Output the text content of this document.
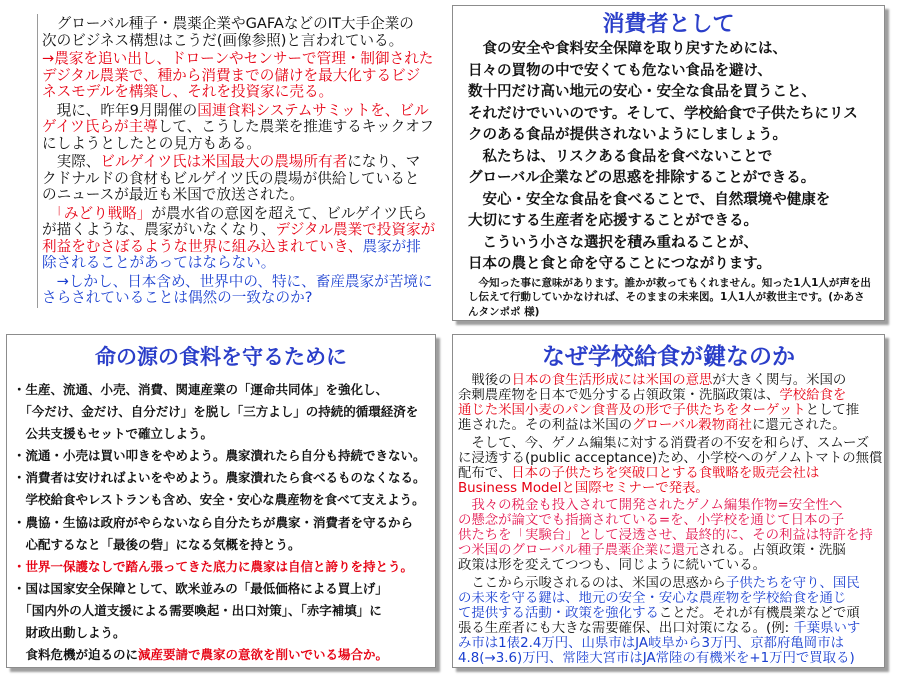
　グローバル種子・農薬企業やGAFAなどのIT大手企業の
次のビジネス構想はこうだ(画像参照)と言われている。
→農家を追い出し、ドローンやセンサーで管理・制御された
デジタル農業で、種から消費までの儲けを最大化するビジ
ネスモデルを構築し、それを投資家に売る。
　現に、昨年9月開催の国連食料システムサミットを、ビル
ゲイツ氏らが主導して、こうした農業を推進するキックオフ
にしようとしたとの見方もある。
　実際、ビルゲイツ氏は米国最大の農場所有者になり、マ
クドナルドの食材もビルゲイツ氏の農場が供給していると
のニュースが最近も米国で放送された。
　「みどり戦略」が農水省の意図を超えて、ビルゲイツ氏ら
が描くような、農家がいなくなり、デジタル農業で投資家が
利益をむさぼるような世界に組み込まれていき、農家が排
除されることがあってはならない。
　→しかし、日本含め、世界中の、特に、畜産農家が苦境に
さらされていることは偶然の一致なのか?
消費者として
　食の安全や食料安全保障を取り戻すためには、
日々の買物の中で安くても危ない食品を避け、
数十円だけ高い地元の安心・安全な食品を買うこと、
それだけでいいのです。そして、学校給食で子供たちにリス
クのある食品が提供されないようにしましょう。
　私たちは、リスクある食品を食べないことで
グローバル企業などの思惑を排除することができる。
　安心・安全な食品を食べることで、自然環境や健康を
大切にする生産者を応援することができる。
　こういう小さな選択を積み重ねることが、
日本の農と食と命を守ることにつながります。
　今知った事に意味があります。誰かが救ってもくれません。知った1人1人が声を出
し伝えて行動していかなければ、そのままの未来図。1人1人が救世主です。(かあさ
んタンポポ 様)
命の源の食料を守るために
・生産、流通、小売、消費、関連産業の「運命共同体」を強化し、
　「今だけ、金だけ、自分だけ」を脱し「三方よし」の持続的循環経済を
　公共支援もセットで確立しよう。
・流通・小売は買い叩きをやめよう。農家潰れたら自分も持続できない。
・消費者は安ければよいをやめよう。農家潰れたら食べるものなくなる。
　学校給食やレストランも含め、安全・安心な農産物を食べて支えよう。
・農協・生協は政府がやらないなら自分たちが農家・消費者を守るから
　心配するなと「最後の砦」になる気概を持とう。
・世界一保護なしで踏ん張ってきた底力に農家は自信と誇りを持とう。
・国は国家安全保障として、欧米並みの「最低価格による買上げ」
　「国内外の人道支援による需要喚起・出口対策」、「赤字補填」に
　財政出動しよう。
　食料危機が迫るのに減産要請で農家の意欲を削いでいる場合か。
なぜ学校給食が鍵なのか
　戦後の日本の食生活形成には米国の意思が大きく関与。米国の
余剰農産物を日本で処分する占領政策・洗脳政策は、学校給食を
通じた米国小麦のパン食普及の形で子供たちをターゲットとして推
進された。その利益は米国のグローバル穀物商社に還元された。
　そして、今、ゲノム編集に対する消費者の不安を和らげ、スムーズ
に浸透する(public acceptance)ため、小学校へのゲノムトマトの無償
配布で、日本の子供たちを突破口とする食戦略を販売会社は
Business Modelと国際セミナーで発表。
　我々の税金も投入されて開発されたゲノム編集作物=安全性へ
の懸念が論文でも指摘されている=を、小学校を通じて日本の子
供たちを「実験台」として浸透させ、最終的に、その利益は特許を持
つ米国のグローバル種子農薬企業に還元される。占領政策・洗脳
政策は形を変えてつつも、同じように続いている。
　ここから示唆されるのは、米国の思惑から子供たちを守り、国民
の未来を守る鍵は、地元の安全・安心な農産物を学校給食を通じ
て提供する活動・政策を強化することだ。それが有機農業などで頑
張る生産者にも大きな需要確保、出口対策になる。(例: 千葉県いす
み市は1俵2.4万円、山県市はJA岐阜から3万円、京都府亀岡市は
4.8(→3.6)万円、常陸大宮市はJA常陸の有機米を+1万円で買取る)
